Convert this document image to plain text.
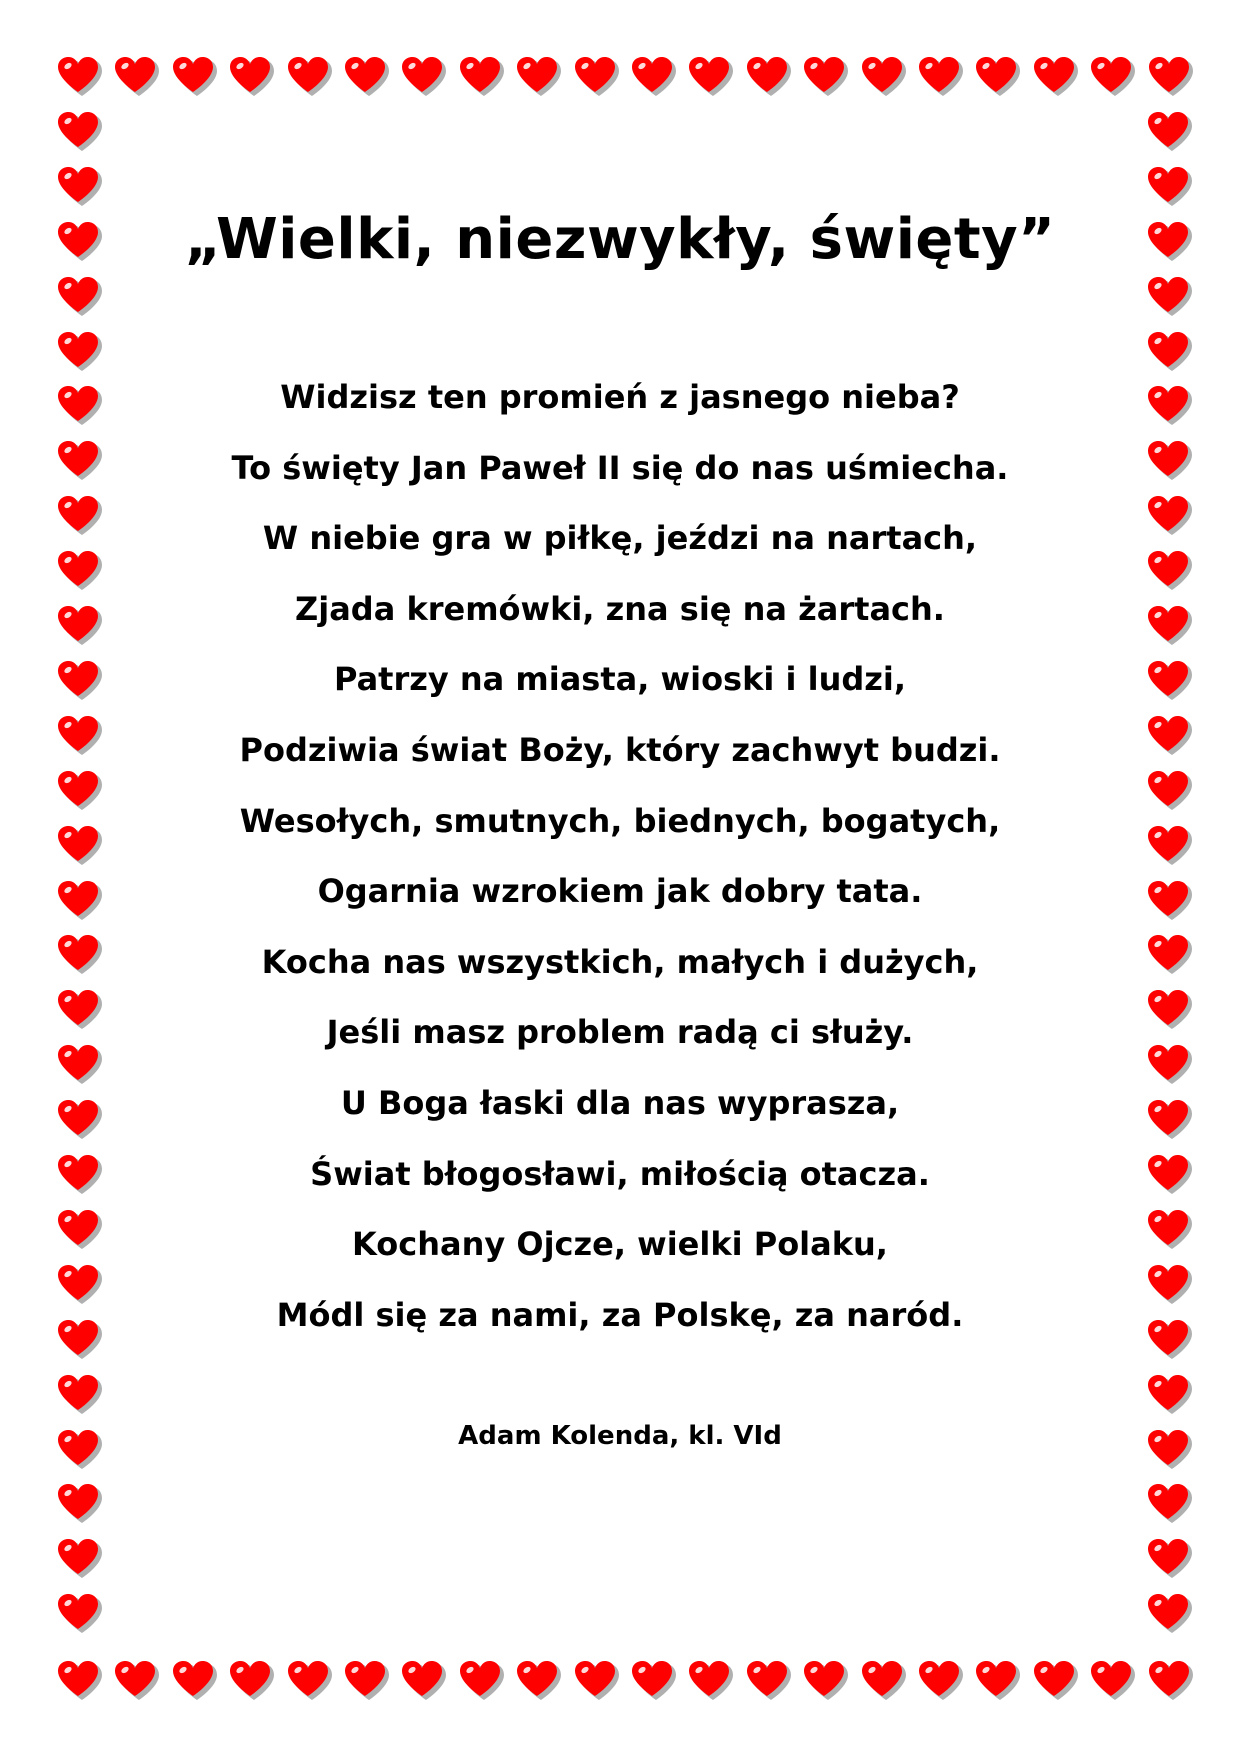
„Wielki, niezwykły, święty”
Widzisz ten promień z jasnego nieba?
To święty Jan Paweł II się do nas uśmiecha.
W niebie gra w piłkę, jeździ na nartach,
Zjada kremówki, zna się na żartach.
Patrzy na miasta, wioski i ludzi,
Podziwia świat Boży, który zachwyt budzi.
Wesołych, smutnych, biednych, bogatych,
Ogarnia wzrokiem jak dobry tata.
Kocha nas wszystkich, małych i dużych,
Jeśli masz problem radą ci służy.
U Boga łaski dla nas wyprasza,
Świat błogosławi, miłością otacza.
Kochany Ojcze, wielki Polaku,
Módl się za nami, za Polskę, za naród.
Adam Kolenda, kl. VId
